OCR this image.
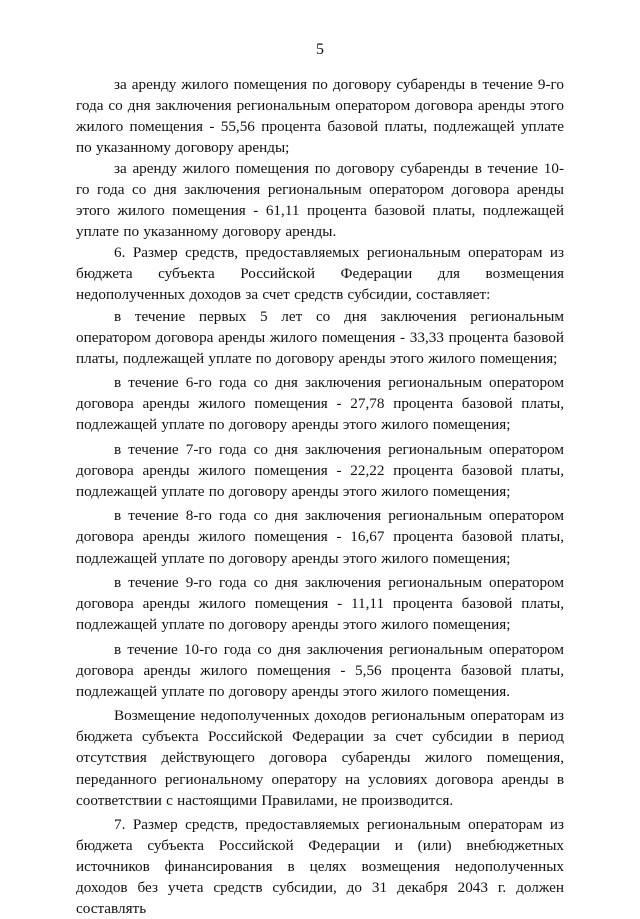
5

за аренду жилого помещения по договору субаренды в течение 9-го года со дня заключения региональным оператором договора аренды этого жилого помещения - 55,56 процента базовой платы, подлежащей уплате по указанному договору аренды;

за аренду жилого помещения по договору субаренды в течение 10-го года со дня заключения региональным оператором договора аренды этого жилого помещения - 61,11 процента базовой платы, подлежащей уплате по указанному договору аренды.

6. Размер средств, предоставляемых региональным операторам из бюджета субъекта Российской Федерации для возмещения недополученных доходов за счет средств субсидии, составляет:

в течение первых 5 лет со дня заключения региональным оператором договора аренды жилого помещения - 33,33 процента базовой платы, подлежащей уплате по договору аренды этого жилого помещения;

в течение 6-го года со дня заключения региональным оператором договора аренды жилого помещения - 27,78 процента базовой платы, подлежащей уплате по договору аренды этого жилого помещения;

в течение 7-го года со дня заключения региональным оператором договора аренды жилого помещения - 22,22 процента базовой платы, подлежащей уплате по договору аренды этого жилого помещения;

в течение 8-го года со дня заключения региональным оператором договора аренды жилого помещения - 16,67 процента базовой платы, подлежащей уплате по договору аренды этого жилого помещения;

в течение 9-го года со дня заключения региональным оператором договора аренды жилого помещения - 11,11 процента базовой платы, подлежащей уплате по договору аренды этого жилого помещения;

в течение 10-го года со дня заключения региональным оператором договора аренды жилого помещения - 5,56 процента базовой платы, подлежащей уплате по договору аренды этого жилого помещения.

Возмещение недополученных доходов региональным операторам из бюджета субъекта Российской Федерации за счет субсидии в период отсутствия действующего договора субаренды жилого помещения, переданного региональному оператору на условиях договора аренды в соответствии с настоящими Правилами, не производится.

7. Размер средств, предоставляемых региональным операторам из бюджета субъекта Российской Федерации и (или) внебюджетных источников финансирования в целях возмещения недополученных доходов без учета средств субсидии, до 31 декабря 2043 г. должен составлять
